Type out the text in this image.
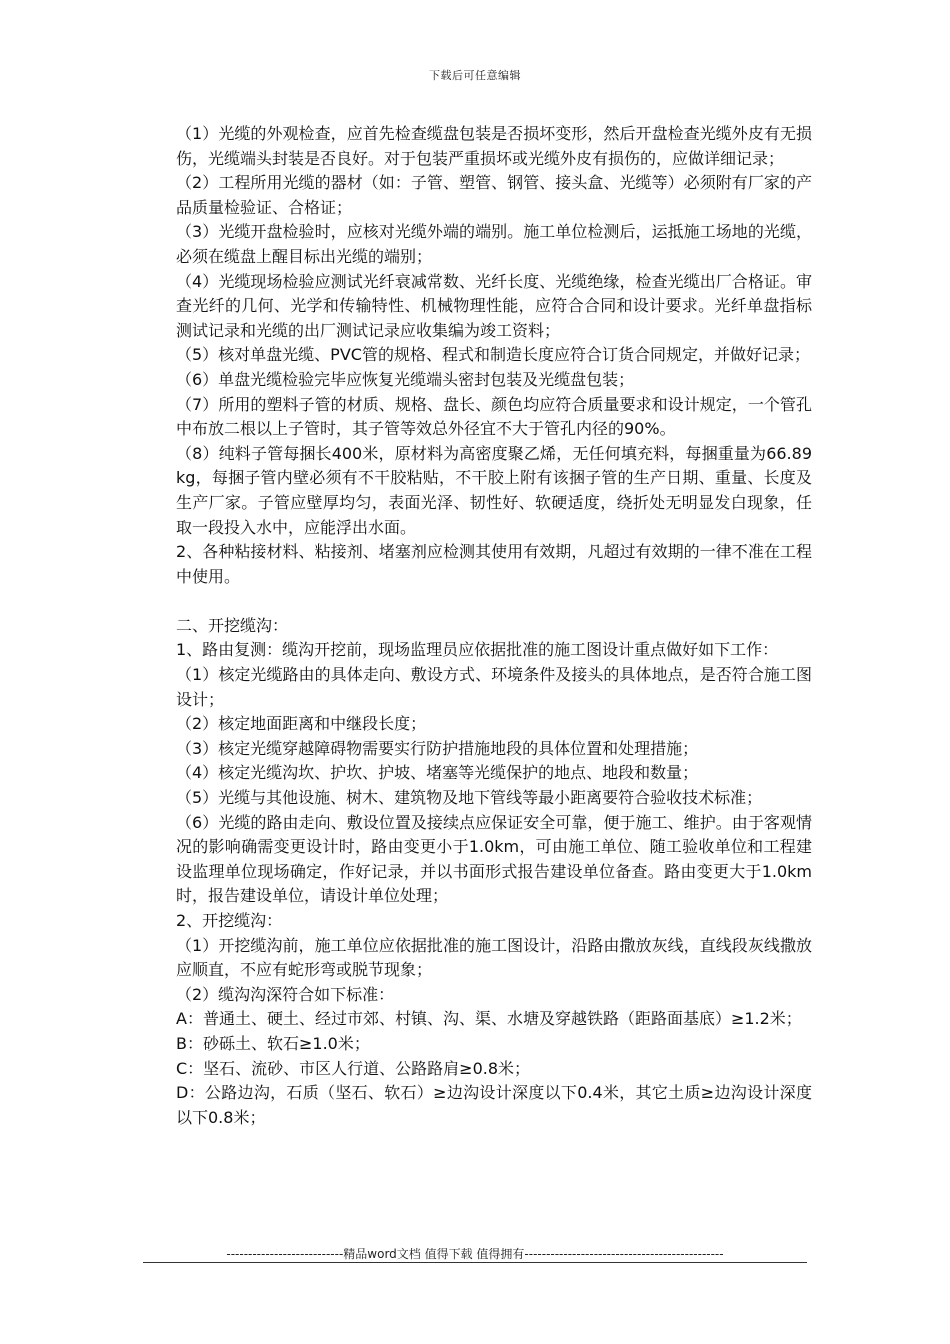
下载后可任意编辑

（1）光缆的外观检查，应首先检查缆盘包装是否损坏变形，然后开盘检查光缆外皮有无损伤，光缆端头封装是否良好。对于包装严重损坏或光缆外皮有损伤的，应做详细记录；

（2）工程所用光缆的器材（如：子管、塑管、钢管、接头盒、光缆等）必须附有厂家的产品质量检验证、合格证；

（3）光缆开盘检验时，应核对光缆外端的端别。施工单位检测后，运抵施工场地的光缆，必须在缆盘上醒目标出光缆的端别；

（4）光缆现场检验应测试光纤衰减常数、光纤长度、光缆绝缘，检查光缆出厂合格证。审查光纤的几何、光学和传输特性、机械物理性能，应符合合同和设计要求。光纤单盘指标测试记录和光缆的出厂测试记录应收集编为竣工资料；

（5）核对单盘光缆、PVC管的规格、程式和制造长度应符合订货合同规定，并做好记录；

（6）单盘光缆检验完毕应恢复光缆端头密封包装及光缆盘包装；

（7）所用的塑料子管的材质、规格、盘长、颜色均应符合质量要求和设计规定，一个管孔中布放二根以上子管时，其子管等效总外径宜不大于管孔内径的90%。

（8）纯料子管每捆长400米，原材料为高密度聚乙烯，无任何填充料，每捆重量为66.89kg，每捆子管内壁必须有不干胶粘贴，不干胶上附有该捆子管的生产日期、重量、长度及生产厂家。子管应壁厚均匀，表面光泽、韧性好、软硬适度，绕折处无明显发白现象，任取一段投入水中，应能浮出水面。

2、各种粘接材料、粘接剂、堵塞剂应检测其使用有效期，凡超过有效期的一律不准在工程中使用。

二、开挖缆沟：

1、路由复测：缆沟开挖前，现场监理员应依据批准的施工图设计重点做好如下工作：

（1）核定光缆路由的具体走向、敷设方式、环境条件及接头的具体地点，是否符合施工图设计；

（2）核定地面距离和中继段长度；

（3）核定光缆穿越障碍物需要实行防护措施地段的具体位置和处理措施；

（4）核定光缆沟坎、护坎、护坡、堵塞等光缆保护的地点、地段和数量；

（5）光缆与其他设施、树木、建筑物及地下管线等最小距离要符合验收技术标准；

（6）光缆的路由走向、敷设位置及接续点应保证安全可靠，便于施工、维护。由于客观情况的影响确需变更设计时，路由变更小于1.0km，可由施工单位、随工验收单位和工程建设监理单位现场确定，作好记录，并以书面形式报告建设单位备查。路由变更大于1.0km时，报告建设单位，请设计单位处理；

2、开挖缆沟：

（1）开挖缆沟前，施工单位应依据批准的施工图设计，沿路由撒放灰线，直线段灰线撒放应顺直，不应有蛇形弯或脱节现象；

（2）缆沟沟深符合如下标准：

A：普通土、硬土、经过市郊、村镇、沟、渠、水塘及穿越铁路（距路面基底）≥1.2米；

B：砂砾土、软石≥1.0米；

C：坚石、流砂、市区人行道、公路路肩≥0.8米；

D：公路边沟，石质（坚石、软石）≥边沟设计深度以下0.4米，其它土质≥边沟设计深度以下0.8米；

---------------------------精品word文档 值得下载 值得拥有----------------------------------------------
